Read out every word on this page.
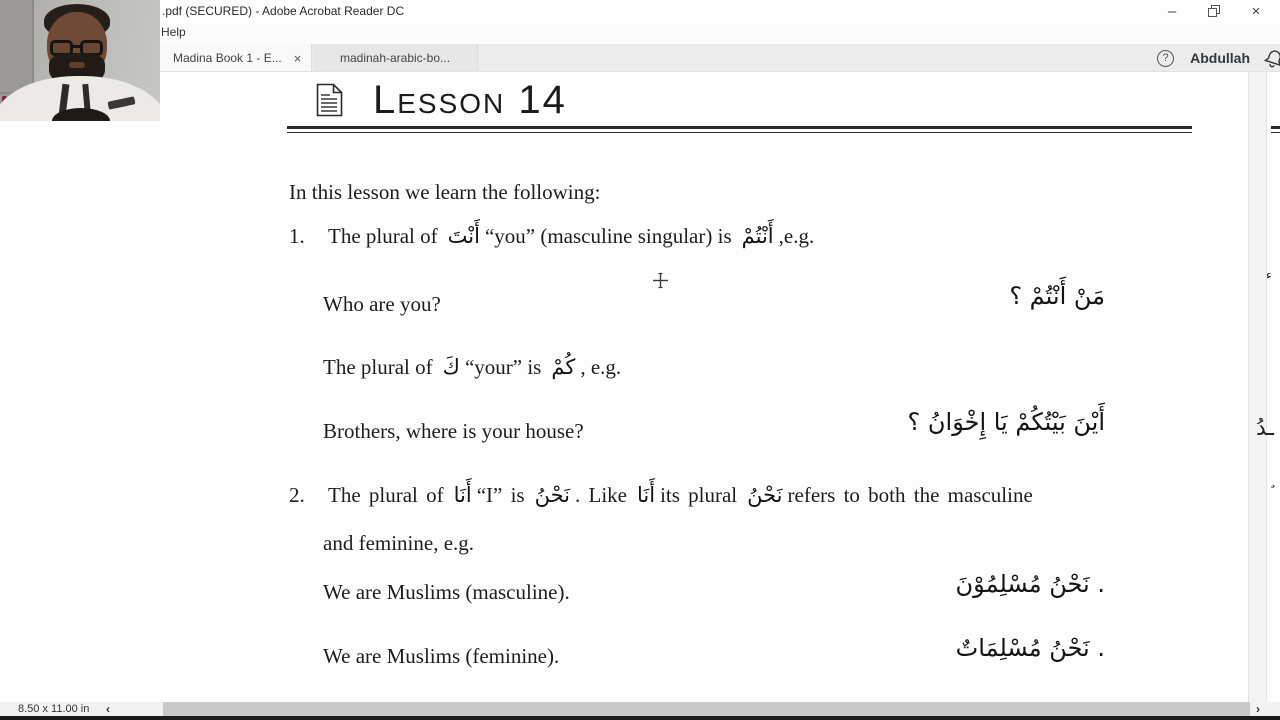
.pdf (SECURED) - Adobe Acrobat Reader DC	–	×
Help
Madina Book 1 - E... ×	madinah-arabic-bo...	? Abdullah
Lesson 14
In this lesson we learn the following:
1.	The plural of أَنْتَ “you” (masculine singular) is أَنْتُمْ ,e.g.
Who are you?	مَنْ أَنْتُمْ ؟
The plural of كَ “your” is كُمْ , e.g.
Brothers, where is your house?	أَيْنَ بَيْتُكُمْ يَا إِخْوَانُ ؟
2.	The plural of أَنَا “I” is نَحْنُ . Like أَنَا its plural نَحْنُ refers to both the masculine
and feminine, e.g.
We are Muslims (masculine).	نَحْنُ مُسْلِمُوْنَ .
We are Muslims (feminine).	نَحْنُ مُسْلِمَاتٌ .
ء
ـدُ
8.50 x 11.00 in ‹	›
